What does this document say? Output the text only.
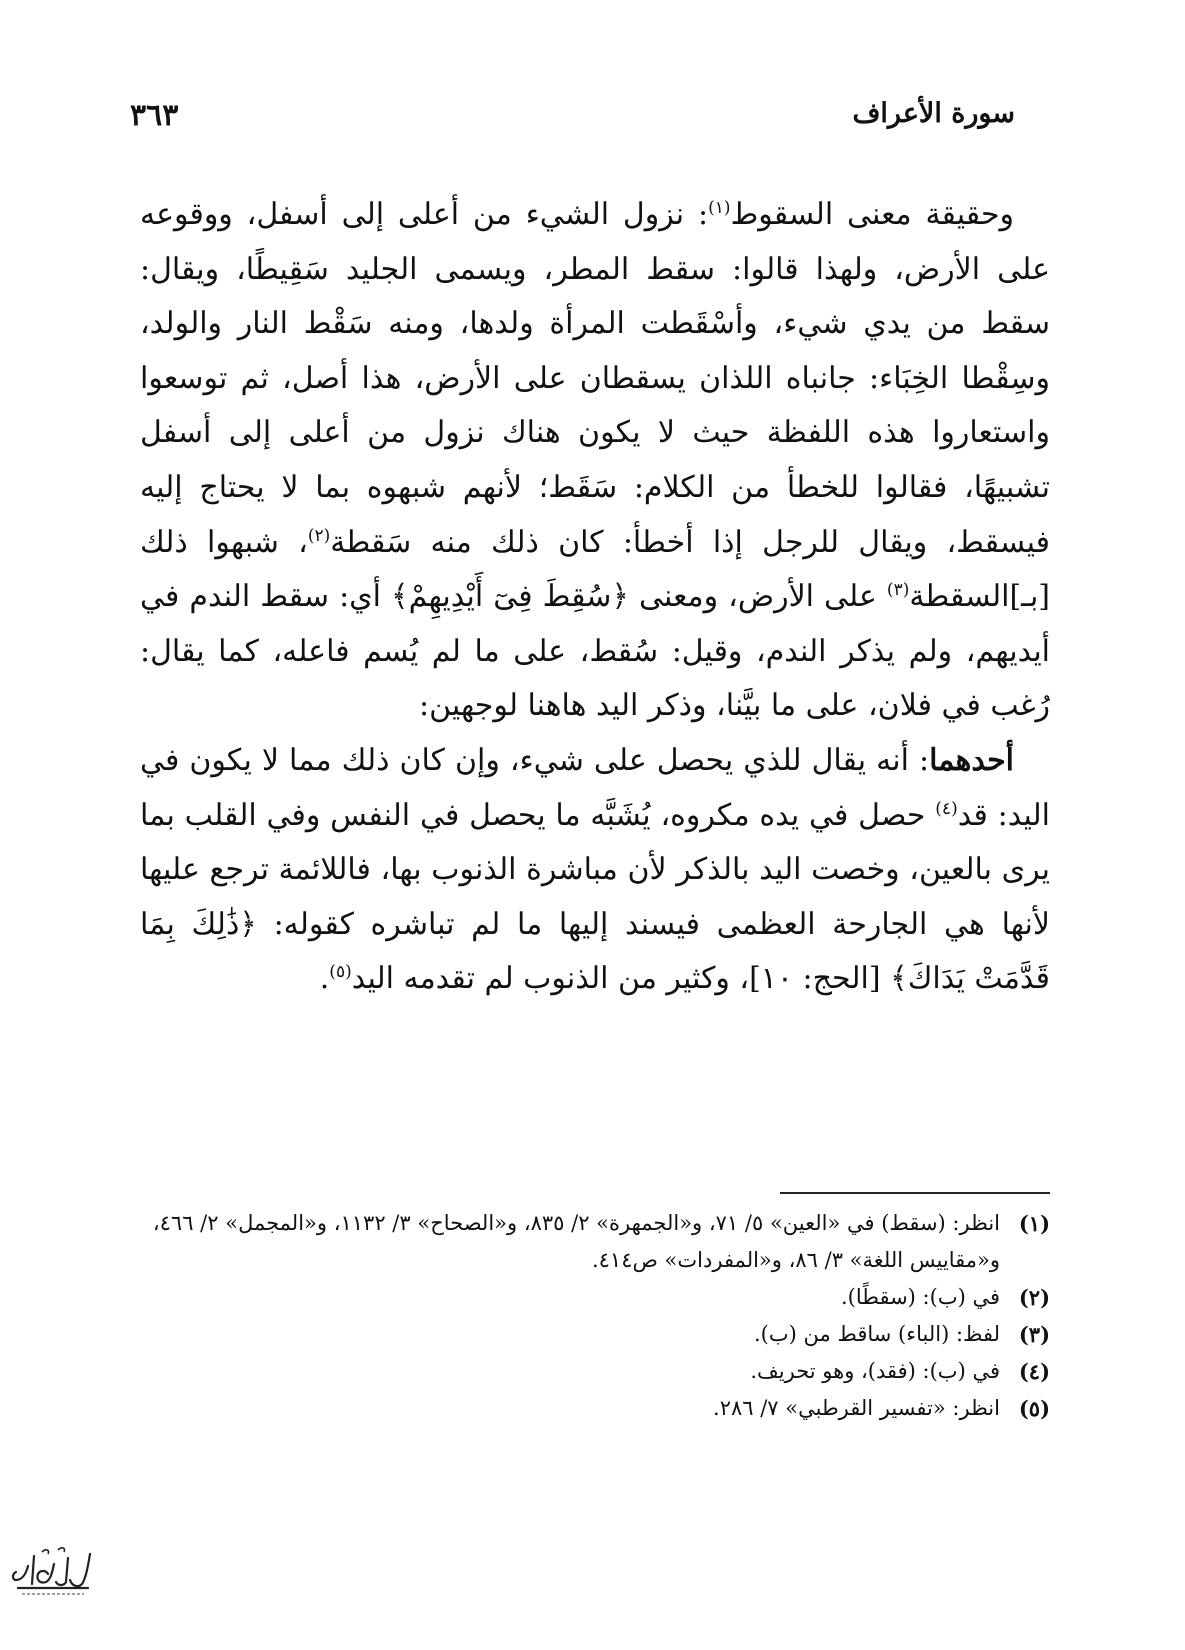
سورة الأعراف
٣٦٣

وحقيقة معنى السقوط$^{(١)}$: نزول الشيء من أعلى إلى أسفل، ووقوعه على الأرض، ولهذا قالوا: سقط المطر، ويسمى الجليد سَقِيطًا، ويقال: سقط من يدي شيء، وأسْقَطت المرأة ولدها، ومنه سَقْط النار والولد، وسِقْطا الخِبَاء: جانباه اللذان يسقطان على الأرض، هذا أصل، ثم توسعوا واستعاروا هذه اللفظة حيث لا يكون هناك نزول من أعلى إلى أسفل تشبيهًا، فقالوا للخطأ من الكلام: سَقَط؛ لأنهم شبهوه بما لا يحتاج إليه فيسقط، ويقال للرجل إذا أخطأ: كان ذلك منه سَقطة$^{(٢)}$، شبهوا ذلك [بـ]السقطة$^{(٣)}$ على الأرض، ومعنى ﴿سُقِطَ فِىٓ أَيْدِيهِمْ﴾ أي: سقط الندم في أيديهم، ولم يذكر الندم، وقيل: سُقط، على ما لم يُسم فاعله، كما يقال: رُغب في فلان، على ما بيَّنا، وذكر اليد هاهنا لوجهين:

أحدهما: أنه يقال للذي يحصل على شيء، وإن كان ذلك مما لا يكون في اليد: قد$^{(٤)}$ حصل في يده مكروه، يُشَبَّه ما يحصل في النفس وفي القلب بما يرى بالعين، وخصت اليد بالذكر لأن مباشرة الذنوب بها، فاللائمة ترجع عليها لأنها هي الجارحة العظمى فيسند إليها ما لم تباشره كقوله: ﴿ذَٰلِكَ بِمَا قَدَّمَتْ يَدَاكَ﴾ [الحج: ١٠]، وكثير من الذنوب لم تقدمه اليد$^{(٥)}$.

(١)
انظر: (سقط) في «العين» ٥/ ٧١، و«الجمهرة» ٢/ ٨٣٥، و«الصحاح» ٣/ ١١٣٢، و«المجمل» ٢/ ٤٦٦، و«مقاييس اللغة» ٣/ ٨٦، و«المفردات» ص٤١٤.
(٢)
في (ب): (سقطًا).
(٣)
لفظ: (الباء) ساقط من (ب).
(٤)
في (ب): (فقد)، وهو تحريف.
(٥)
انظر: «تفسير القرطبي» ٧/ ٢٨٦.
